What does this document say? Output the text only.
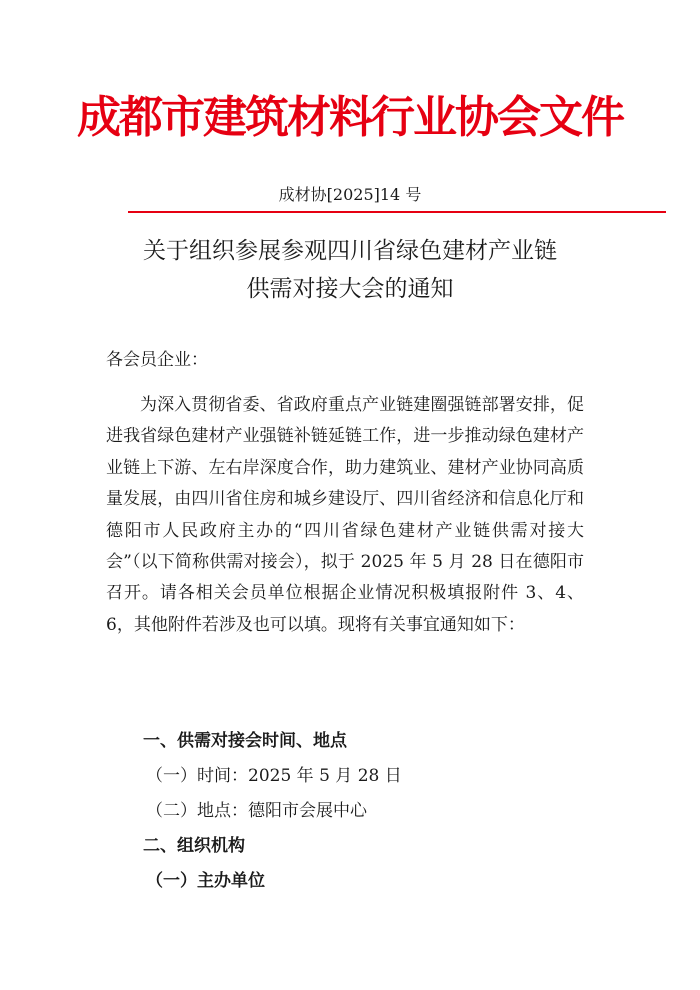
成都市建筑材料行业协会文件
成材协[2025]14 号
关于组织参展参观四川省绿色建材产业链
供需对接大会的通知
各会员企业：
为深入贯彻省委、省政府重点产业链建圈强链部署安排，促进我省绿色建材产业强链补链延链工作，进一步推动绿色建材产业链上下游、左右岸深度合作，助力建筑业、建材产业协同高质量发展，由四川省住房和城乡建设厅、四川省经济和信息化厅和德阳市人民政府主办的“四川省绿色建材产业链供需对接大会”（以下简称供需对接会），拟于 2025 年 5 月 28 日在德阳市召开。请各相关会员单位根据企业情况积极填报附件 3、4、6，其他附件若涉及也可以填。现将有关事宜通知如下：
一、供需对接会时间、地点
（一）时间：2025 年 5 月 28 日
（二）地点：德阳市会展中心
二、组织机构
（一）主办单位
